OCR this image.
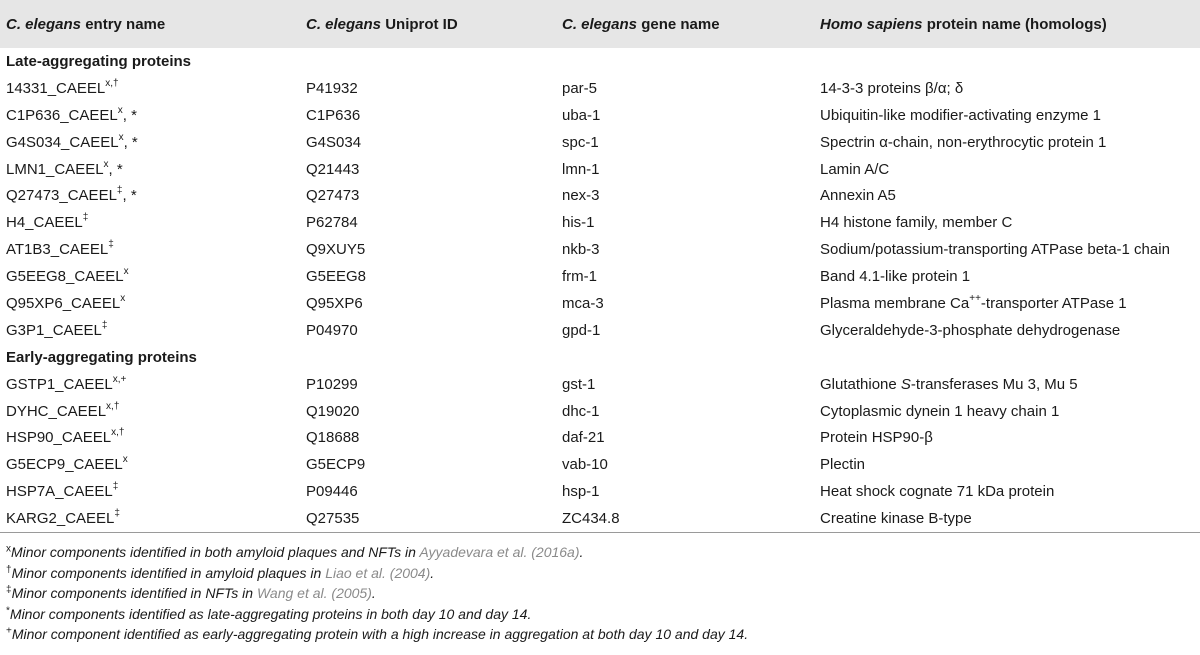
C. elegans entry name	C. elegans Uniprot ID	C. elegans gene name	Homo sapiens protein name (homologs)
Late-aggregating proteins			
$14331\_CAEEL^{x,\dagger}$	P41932	par-5	14-3-3 proteins β/α; δ
C1P636_CAEEL$^x$, *	C1P636	uba-1	Ubiquitin-like modifier-activating enzyme 1
G4S034_CAEEL$^x$, *	G4S034	spc-1	Spectrin α-chain, non-erythrocytic protein 1
LMN1_CAEEL$^x$, *	Q21443	lmn-1	Lamin A/C
Q27473_CAEEL‡, *	Q27473	nex-3	Annexin A5
H4_CAEEL‡	P62784	his-1	H4 histone family, member C
AT1B3_CAEEL‡	Q9XUY5	nkb-3	Sodium/potassium-transporting ATPase beta-1 chain
G5EEG8_CAEEL$^x$	G5EEG8	frm-1	Band 4.1-like protein 1
Q95XP6_CAEEL$^x$	Q95XP6	mca-3	Plasma membrane Ca++-transporter ATPase 1
G3P1_CAEEL‡	P04970	gpd-1	Glyceraldehyde-3-phosphate dehydrogenase
Early-aggregating proteins			
$GSTP1\_CAEEL^{x,+}$	P10299	gst-1	Glutathione S-transferases Mu 3, Mu 5
$DYHC\_CAEEL^{x,\dagger}$	Q19020	dhc-1	Cytoplasmic dynein 1 heavy chain 1
$HSP90\_CAEEL^{x,\dagger}$	Q18688	daf-21	Protein HSP90-β
G5ECP9_CAEEL$^x$	G5ECP9	vab-10	Plectin
HSP7A_CAEEL‡	P09446	hsp-1	Heat shock cognate 71 kDa protein
KARG2_CAEEL‡	Q27535	ZC434.8	Creatine kinase B-type
$^x$Minor components identified in both amyloid plaques and NFTs in Ayyadevara et al. (2016a).
†Minor components identified in amyloid plaques in Liao et al. (2004).
‡Minor components identified in NFTs in Wang et al. (2005).
*Minor components identified as late-aggregating proteins in both day 10 and day 14.
+Minor component identified as early-aggregating protein with a high increase in aggregation at both day 10 and day 14.
